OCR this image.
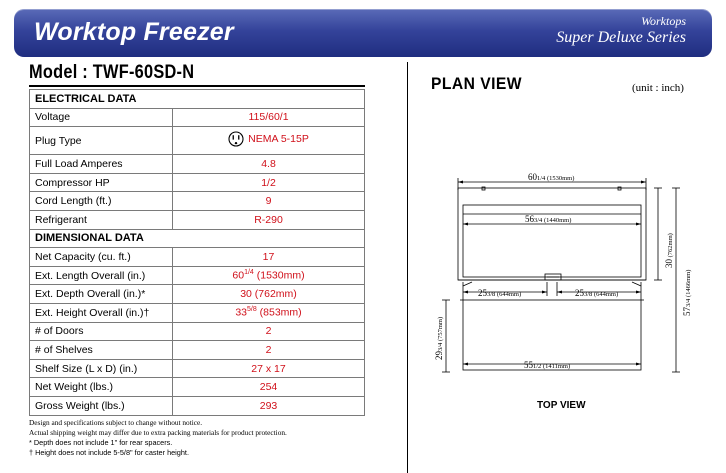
Worktop Freezer	Worktops
Super Deluxe Series
Model : TWF-60SD-N
ELECTRICAL DATA	
Voltage	115/60/1
Plug Type	NEMA 5-15P

Full Load Amperes	4.8
Compressor HP	1/2
Cord Length (ft.)	9
Refrigerant	R-290
DIMENSIONAL DATA	
Net Capacity (cu. ft.)	17
Ext. Length Overall (in.)	$60^{1/4}$ (1530mm)
Ext. Depth Overall (in.)*	30 (762mm)
Ext. Height Overall (in.)†	$33^{5/8}$ (853mm)
# of Doors	2
# of Shelves	2
Shelf Size (L x D) (in.)	27 x 17
Net Weight (lbs.)	254
Gross Weight (lbs.)	293
Design and specifications subject to change without notice.
Actual shipping weight may differ due to extra packing materials for product protection.
* Depth does not include 1" for rear spacers.
† Height does not include 5-5/8" for caster height.
PLAN VIEW	(unit : inch)
601/4 (1530mm)
563/4 (1440mm)
253/8 (644mm)	253/8 (644mm)
551/2 (1411mm)
30 (762mm)
573/4 (1466mm)
293/4 (757mm)
TOP VIEW
